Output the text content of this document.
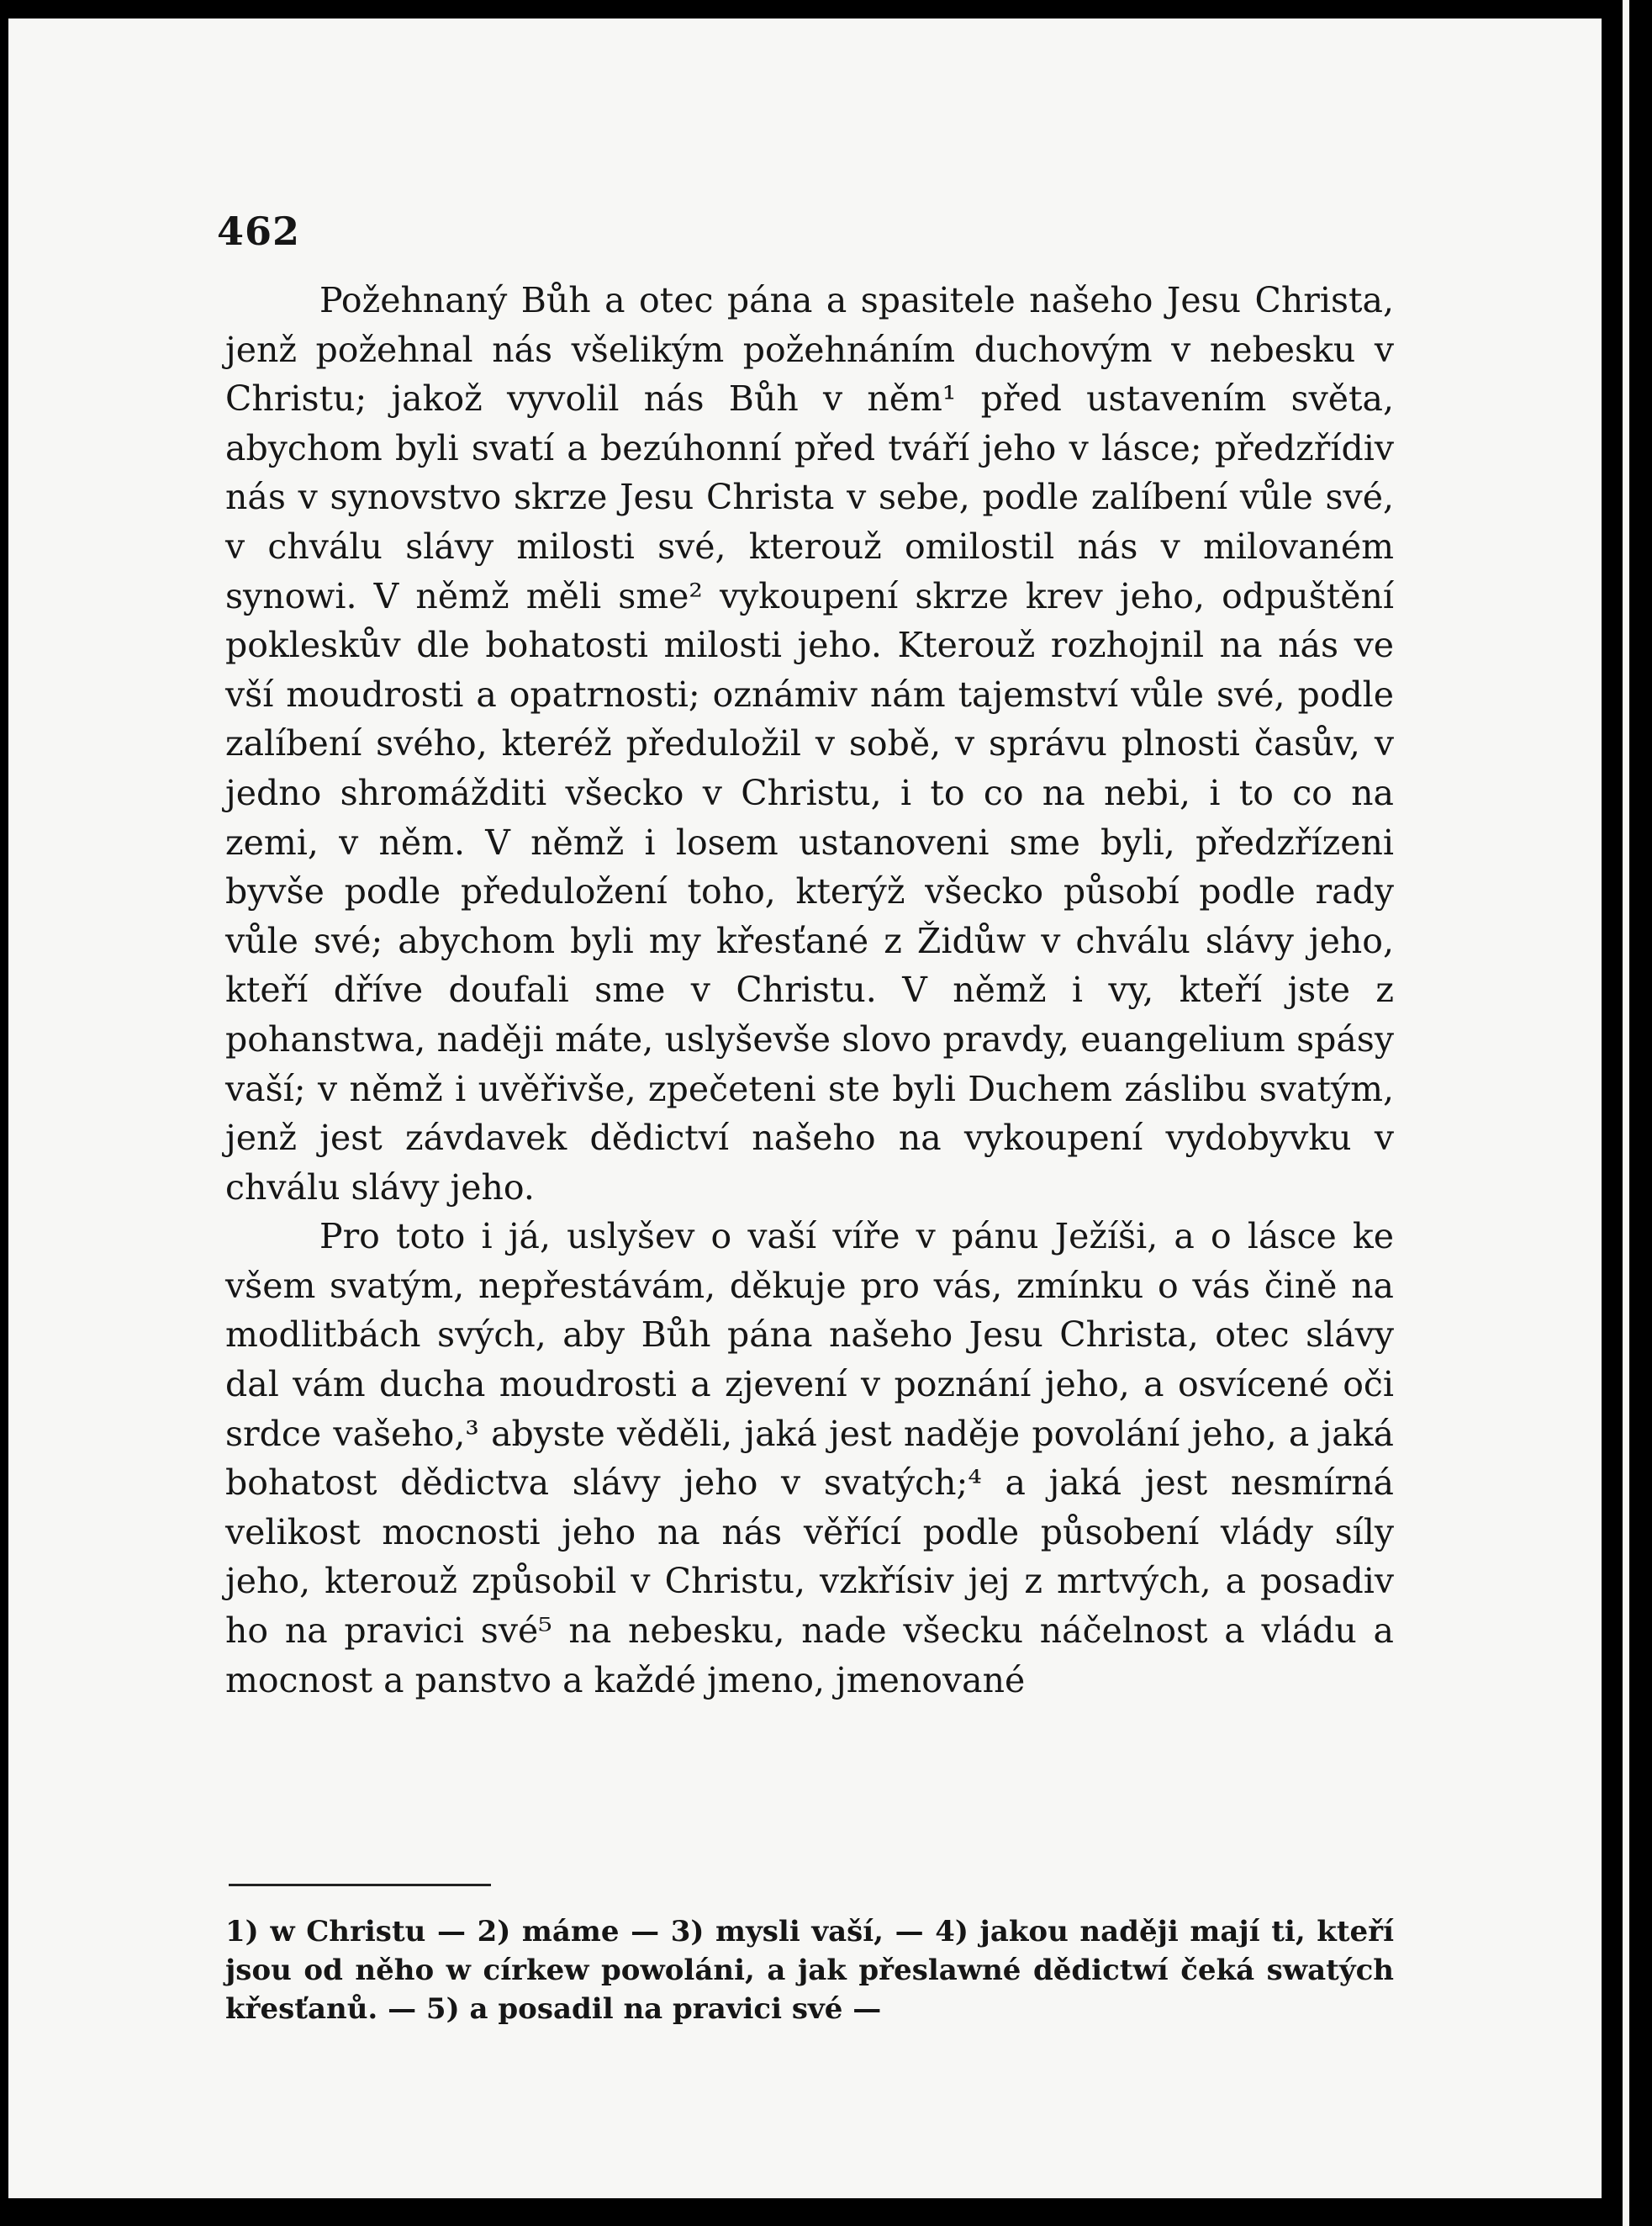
462

Požehnaný Bůh a otec pána a spasitele našeho Jesu Christa, jenž požehnal nás všelikým požehnáním duchovým v nebesku v Christu; jakož vyvolil nás Bůh v něm¹ před ustavením světa, abychom byli svatí a bezúhonní před tváří jeho v lásce; předzřídiv nás v synovstvo skrze Jesu Christa v sebe, podle zalíbení vůle své, v chválu slávy milosti své, kterouž omilostil nás v milovaném synowi. V němž měli sme² vykoupení skrze krev jeho, odpuštění pokleskův dle bohatosti milosti jeho. Kterouž rozhojnil na nás ve vší moudrosti a opatrnosti; oznámiv nám tajemství vůle své, podle zalíbení svého, kteréž předuložil v sobě, v správu plnosti časův, v jedno shromážditi všecko v Christu, i to co na nebi, i to co na zemi, v něm. V němž i losem ustanoveni sme byli, předzřízeni byvše podle předuložení toho, kterýž všecko působí podle rady vůle své; abychom byli my křesťané z Židůw v chválu slávy jeho, kteří dříve doufali sme v Christu. V němž i vy, kteří jste z pohanstwa, naději máte, uslyševše slovo pravdy, euangelium spásy vaší; v němž i uvěřivše, zpečeteni ste byli Duchem záslibu svatým, jenž jest závdavek dědictví našeho na vykoupení vydobyvku v chválu slávy jeho.

Pro toto i já, uslyšev o vaší víře v pánu Ježíši, a o lásce ke všem svatým, nepřestávám, děkuje pro vás, zmínku o vás čině na modlitbách svých, aby Bůh pána našeho Jesu Christa, otec slávy dal vám ducha moudrosti a zjevení v poznání jeho, a osvícené oči srdce vašeho,³ abyste věděli, jaká jest naděje povolání jeho, a jaká bohatost dědictva slávy jeho v svatých;⁴ a jaká jest nesmírná velikost mocnosti jeho na nás věřící podle působení vlády síly jeho, kterouž způsobil v Christu, vzkřísiv jej z mrtvých, a posadiv ho na pravici své⁵ na nebesku, nade všecku náčelnost a vládu a mocnost a panstvo a každé jmeno, jmenované

1) w Christu — 2) máme — 3) mysli vaší, — 4) jakou naději mají ti, kteří jsou od něho w církew powoláni, a jak přeslawné dědictwí čeká swatých křesťanů. — 5) a posadil na pravici své —
